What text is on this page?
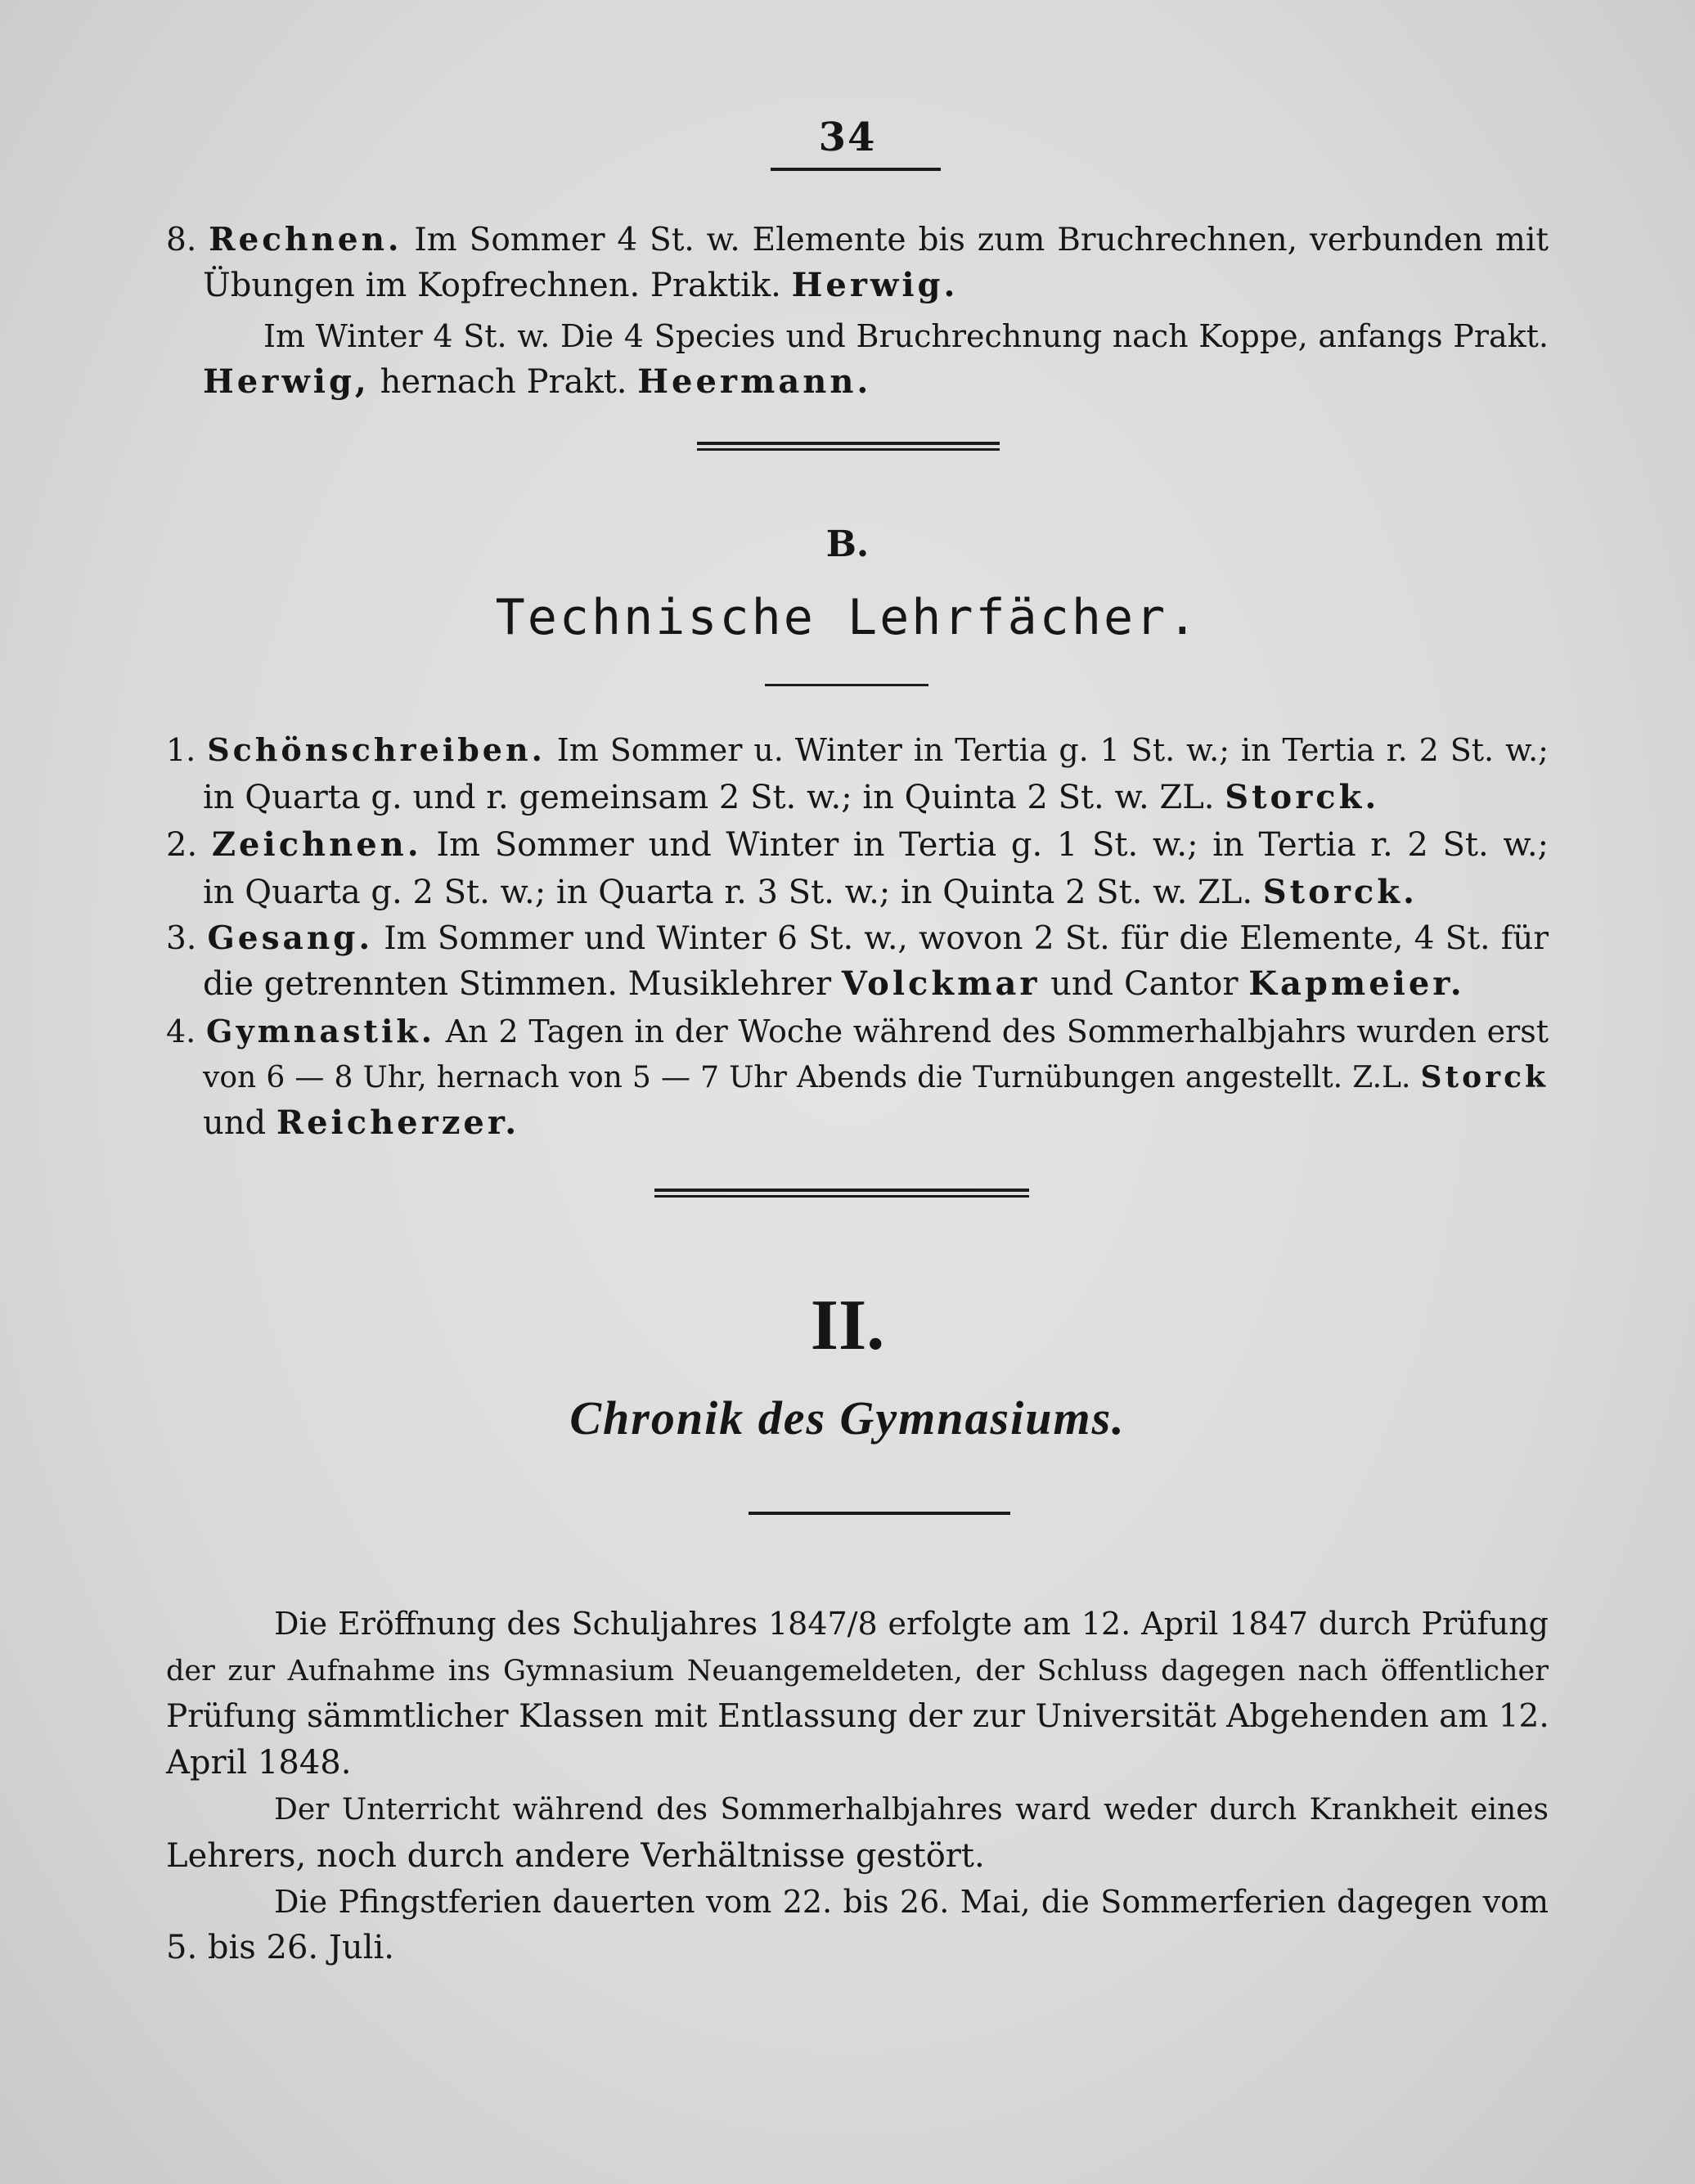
34
8. Rechnen. Im Sommer 4 St. w. Elemente bis zum Bruchrechnen, verbunden mit
Übungen im Kopfrechnen. Praktik. Herwig.
Im Winter 4 St. w. Die 4 Species und Bruchrechnung nach Koppe, anfangs Prakt.
Herwig, hernach Prakt. Heermann.
B.
Technische Lehrfächer.
1. Schönschreiben. Im Sommer u. Winter in Tertia g. 1 St. w.; in Tertia r. 2 St. w.;
in Quarta g. und r. gemeinsam 2 St. w.; in Quinta 2 St. w. ZL. Storck.
2. Zeichnen. Im Sommer und Winter in Tertia g. 1 St. w.; in Tertia r. 2 St. w.;
in Quarta g. 2 St. w.; in Quarta r. 3 St. w.; in Quinta 2 St. w. ZL. Storck.
3. Gesang. Im Sommer und Winter 6 St. w., wovon 2 St. für die Elemente, 4 St. für
die getrennten Stimmen. Musiklehrer Volckmar und Cantor Kapmeier.
4. Gymnastik. An 2 Tagen in der Woche während des Sommerhalbjahrs wurden erst
von 6 — 8 Uhr, hernach von 5 — 7 Uhr Abends die Turnübungen angestellt. Z.L. Storck
und Reicherzer.
II.
Chronik des Gymnasiums.
Die Eröffnung des Schuljahres 1847/8 erfolgte am 12. April 1847 durch Prüfung
der zur Aufnahme ins Gymnasium Neuangemeldeten, der Schluss dagegen nach öffentlicher
Prüfung sämmtlicher Klassen mit Entlassung der zur Universität Abgehenden am 12.
April 1848.
Der Unterricht während des Sommerhalbjahres ward weder durch Krankheit eines
Lehrers, noch durch andere Verhältnisse gestört.
Die Pfingstferien dauerten vom 22. bis 26. Mai, die Sommerferien dagegen vom
5. bis 26. Juli.
